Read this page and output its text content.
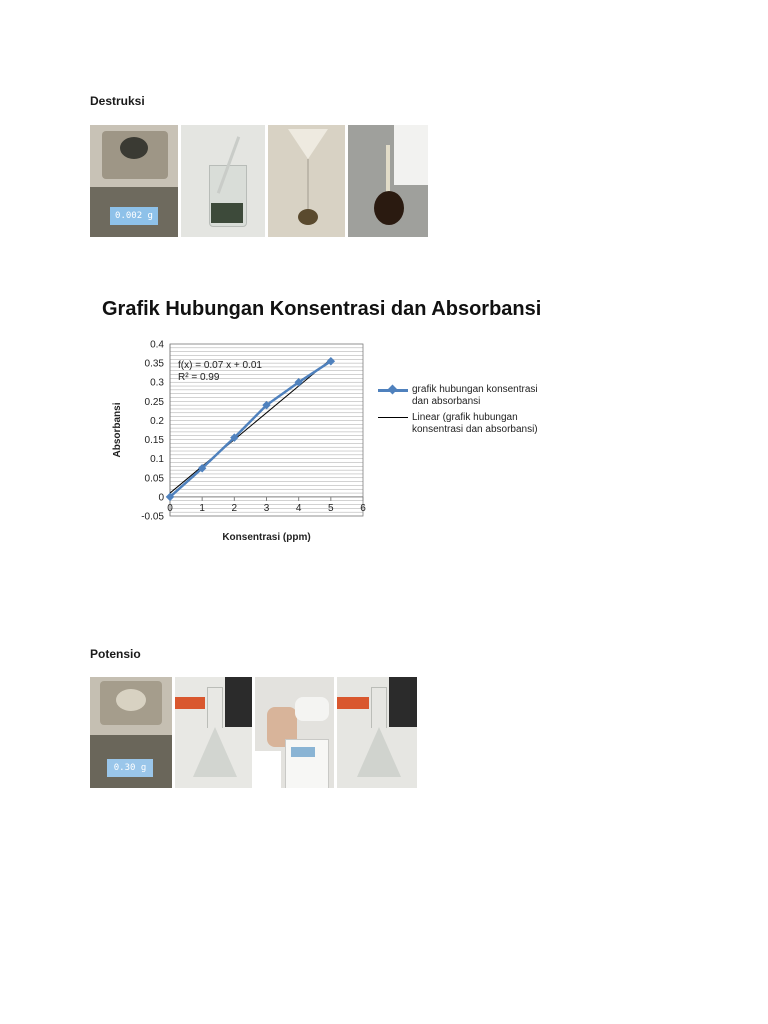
Destruksi
0.002 g
Grafik Hubungan Konsentrasi dan Absorbansi
0.4
0.35
0.3
0.25
0.2
0.15
0.1
0.05
0
-0.05
0	1	2	3	4	5	6
f(x) = 0.07 x + 0.01
R² = 0.99
Absorbansi
Konsentrasi (ppm)
grafik hubungan konsentrasi dan absorbansi
Linear (grafik hubungan konsentrasi dan absorbansi)
Potensio
0.30 g
